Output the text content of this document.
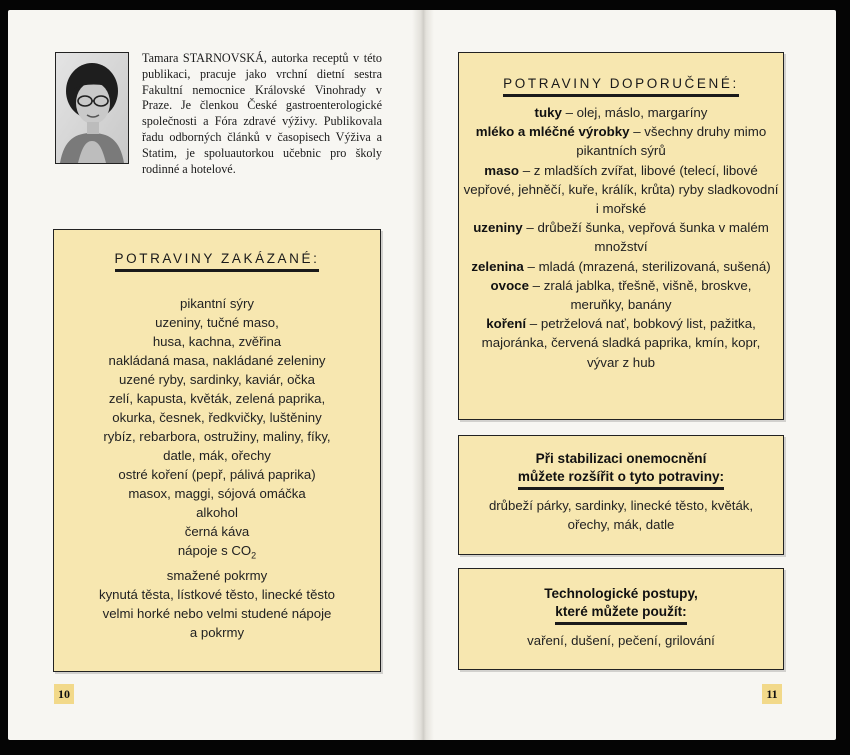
Tamara STARNOVSKÁ, autorka receptů v této publikaci, pracuje jako vrchní dietní sestra Fakultní nemocnice Královské Vinohrady v Praze. Je členkou České gastroenterologické společnosti a Fóra zdravé výživy. Publikovala řadu odborných článků v časopisech Výživa a Statim, je spoluautorkou učebnic pro školy rodinné a hotelové.
POTRAVINY ZAKÁZANÉ:
pikantní sýry
uzeniny, tučné maso,
husa, kachna, zvěřina
nakládaná masa, nakládané zeleniny
uzené ryby, sardinky, kaviár, očka
zelí, kapusta, květák, zelená paprika,
okurka, česnek, ředkvičky, luštěniny
rybíz, rebarbora, ostružiny, maliny, fíky,
datle, mák, ořechy
ostré koření (pepř, pálivá paprika)
masox, maggi, sójová omáčka
alkohol
černá káva
nápoje s $CO_2$
smažené pokrmy
kynutá těsta, lístkové těsto, linecké těsto
velmi horké nebo velmi studené nápoje
a pokrmy
10
POTRAVINY DOPORUČENÉ:
tuky – olej, máslo, margaríny
mléko a mléčné výrobky – všechny druhy mimo pikantních sýrů
maso – z mladších zvířat, libové (telecí, libové vepřové, jehněčí, kuře, králík, krůta) ryby sladkovodní i mořské
uzeniny – drůbeží šunka, vepřová šunka v malém množství
zelenina – mladá (mrazená, sterilizovaná, sušená)
ovoce – zralá jablka, třešně, višně, broskve, meruňky, banány
koření – petrželová nať, bobkový list, pažitka, majoránka, červená sladká paprika, kmín, kopr, vývar z hub
Při stabilizaci onemocnění
můžete rozšířit o tyto potraviny:
drůbeží párky, sardinky, linecké těsto, květák, ořechy, mák, datle
Technologické postupy,
které můžete použít:
vaření, dušení, pečení, grilování
11
